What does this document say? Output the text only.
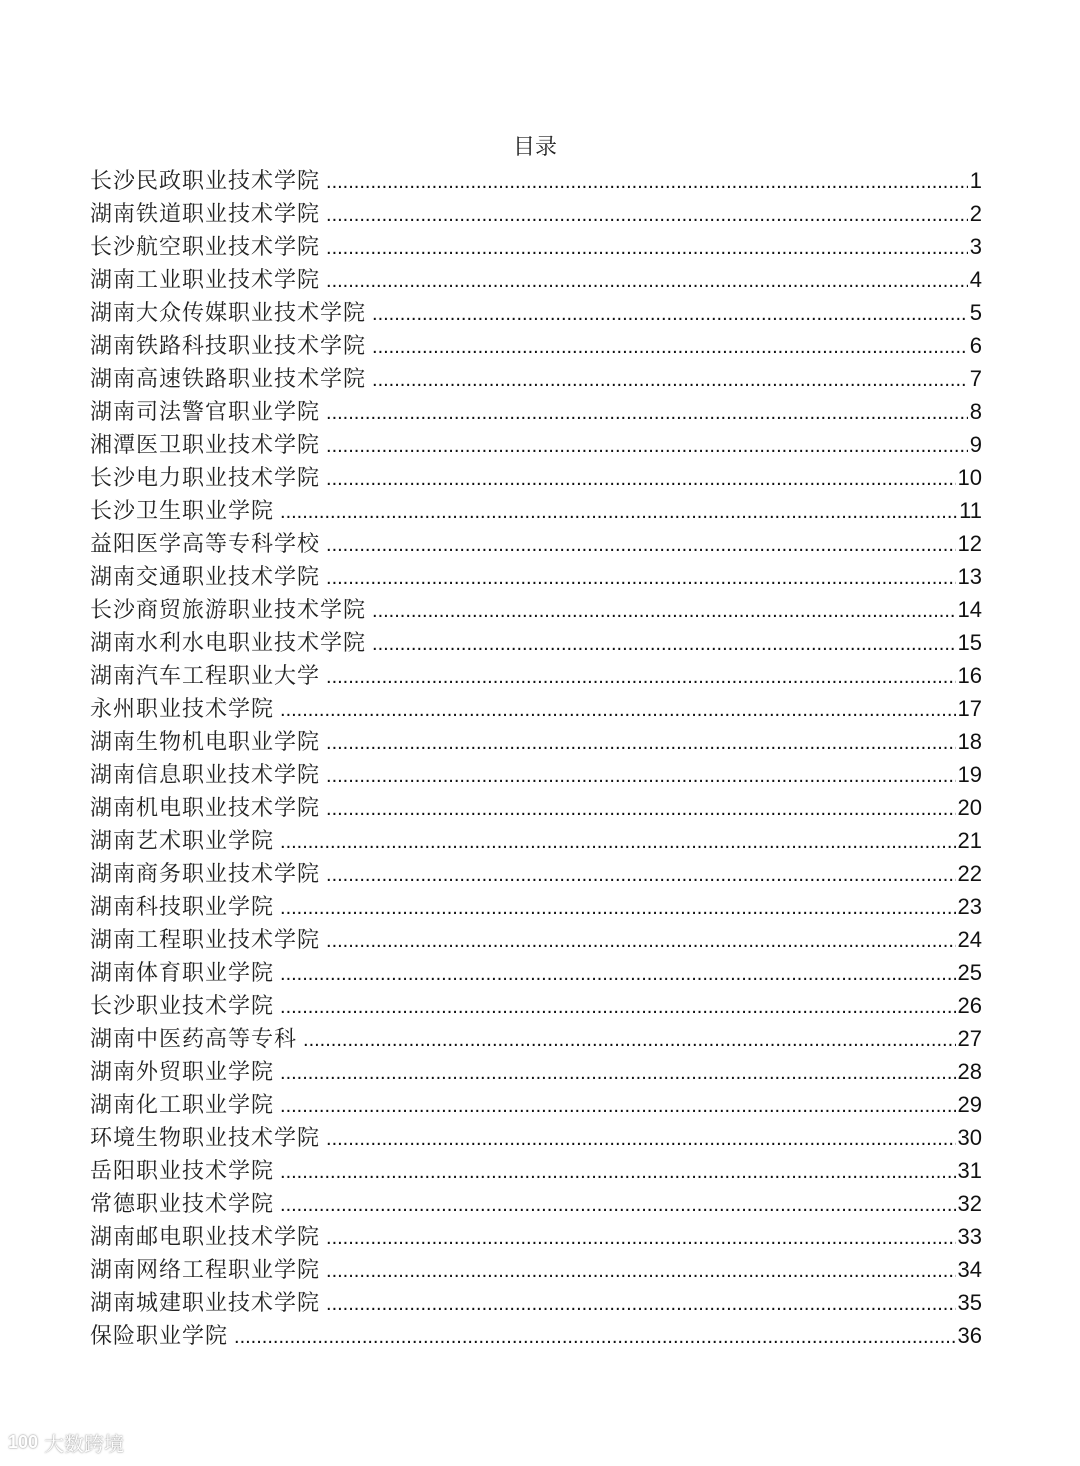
目录
长沙民政职业技术学院 .....	1
湖南铁道职业技术学院 .....	2
长沙航空职业技术学院 .....	3
湖南工业职业技术学院 .....	4
湖南大众传媒职业技术学院 .....	5
湖南铁路科技职业技术学院 .....	6
湖南高速铁路职业技术学院 .....	7
湖南司法警官职业学院 .....	8
湘潭医卫职业技术学院 .....	9
长沙电力职业技术学院 .....	10
长沙卫生职业学院 .....	11
益阳医学高等专科学校 .....	12
湖南交通职业技术学院 .....	13
长沙商贸旅游职业技术学院 .....	14
湖南水利水电职业技术学院 .....	15
湖南汽车工程职业大学 .....	16
永州职业技术学院 .....	17
湖南生物机电职业学院 .....	18
湖南信息职业技术学院 .....	19
湖南机电职业技术学院 .....	20
湖南艺术职业学院 .....	21
湖南商务职业技术学院 .....	22
湖南科技职业学院 .....	23
湖南工程职业技术学院 .....	24
湖南体育职业学院 .....	25
长沙职业技术学院 .....	26
湖南中医药高等专科 .....	27
湖南外贸职业学院 .....	28
湖南化工职业学院 .....	29
环境生物职业技术学院 .....	30
岳阳职业技术学院 .....	31
常德职业技术学院 .....	32
湖南邮电职业技术学院 .....	33
湖南网络工程职业学院 .....	34
湖南城建职业技术学院 .....	35
保险职业学院 .....	36
100 大数跨境
